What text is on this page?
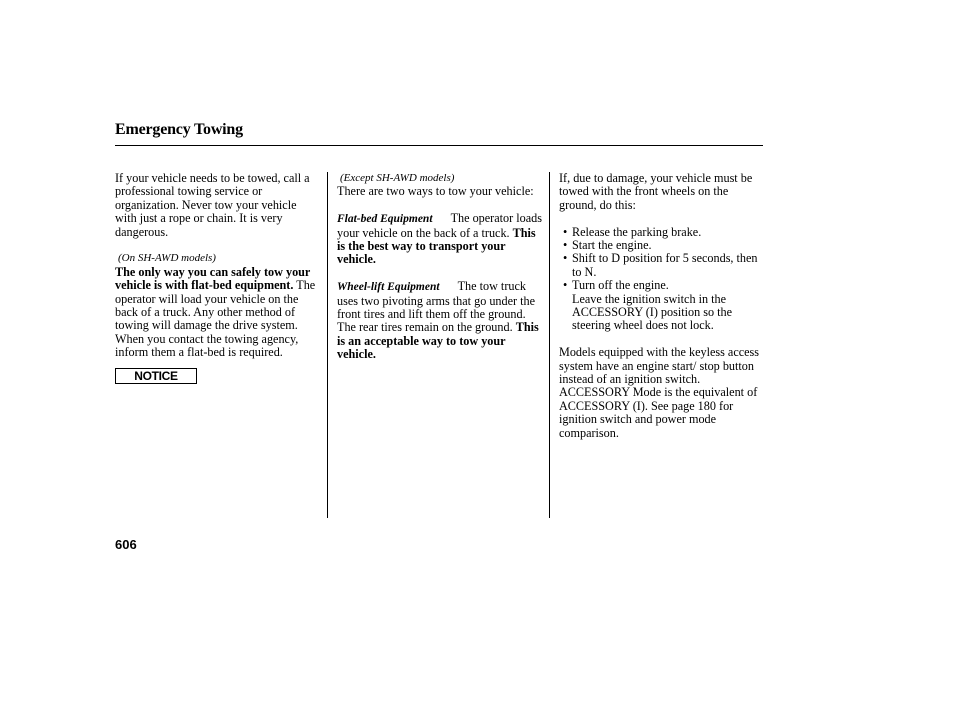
Emergency Towing

If your vehicle needs to be towed, call a professional towing service or organization. Never tow your vehicle with just a rope or chain. It is very dangerous.

(On SH-AWD models)

The only way you can safely tow your vehicle is with flat-bed equipment. The operator will load your vehicle on the back of a truck. Any other method of towing will damage the drive system. When you contact the towing agency, inform them a flat-bed is required.

NOTICE

(Except SH-AWD models)

There are two ways to tow your vehicle:

Flat-bed Equipment The operator loads your vehicle on the back of a truck. This is the best way to transport your vehicle.

Wheel-lift Equipment The tow truck uses two pivoting arms that go under the front tires and lift them off the ground. The rear tires remain on the ground. This is an acceptable way to tow your vehicle.

If, due to damage, your vehicle must be towed with the front wheels on the ground, do this:

• Release the parking brake.
• Start the engine.
• Shift to D position for 5 seconds, then to N.
• Turn off the engine.

Leave the ignition switch in the ACCESSORY (I) position so the steering wheel does not lock.

Models equipped with the keyless access system have an engine start/ stop button instead of an ignition switch. ACCESSORY Mode is the equivalent of ACCESSORY (I). See page 180 for ignition switch and power mode comparison.

606
